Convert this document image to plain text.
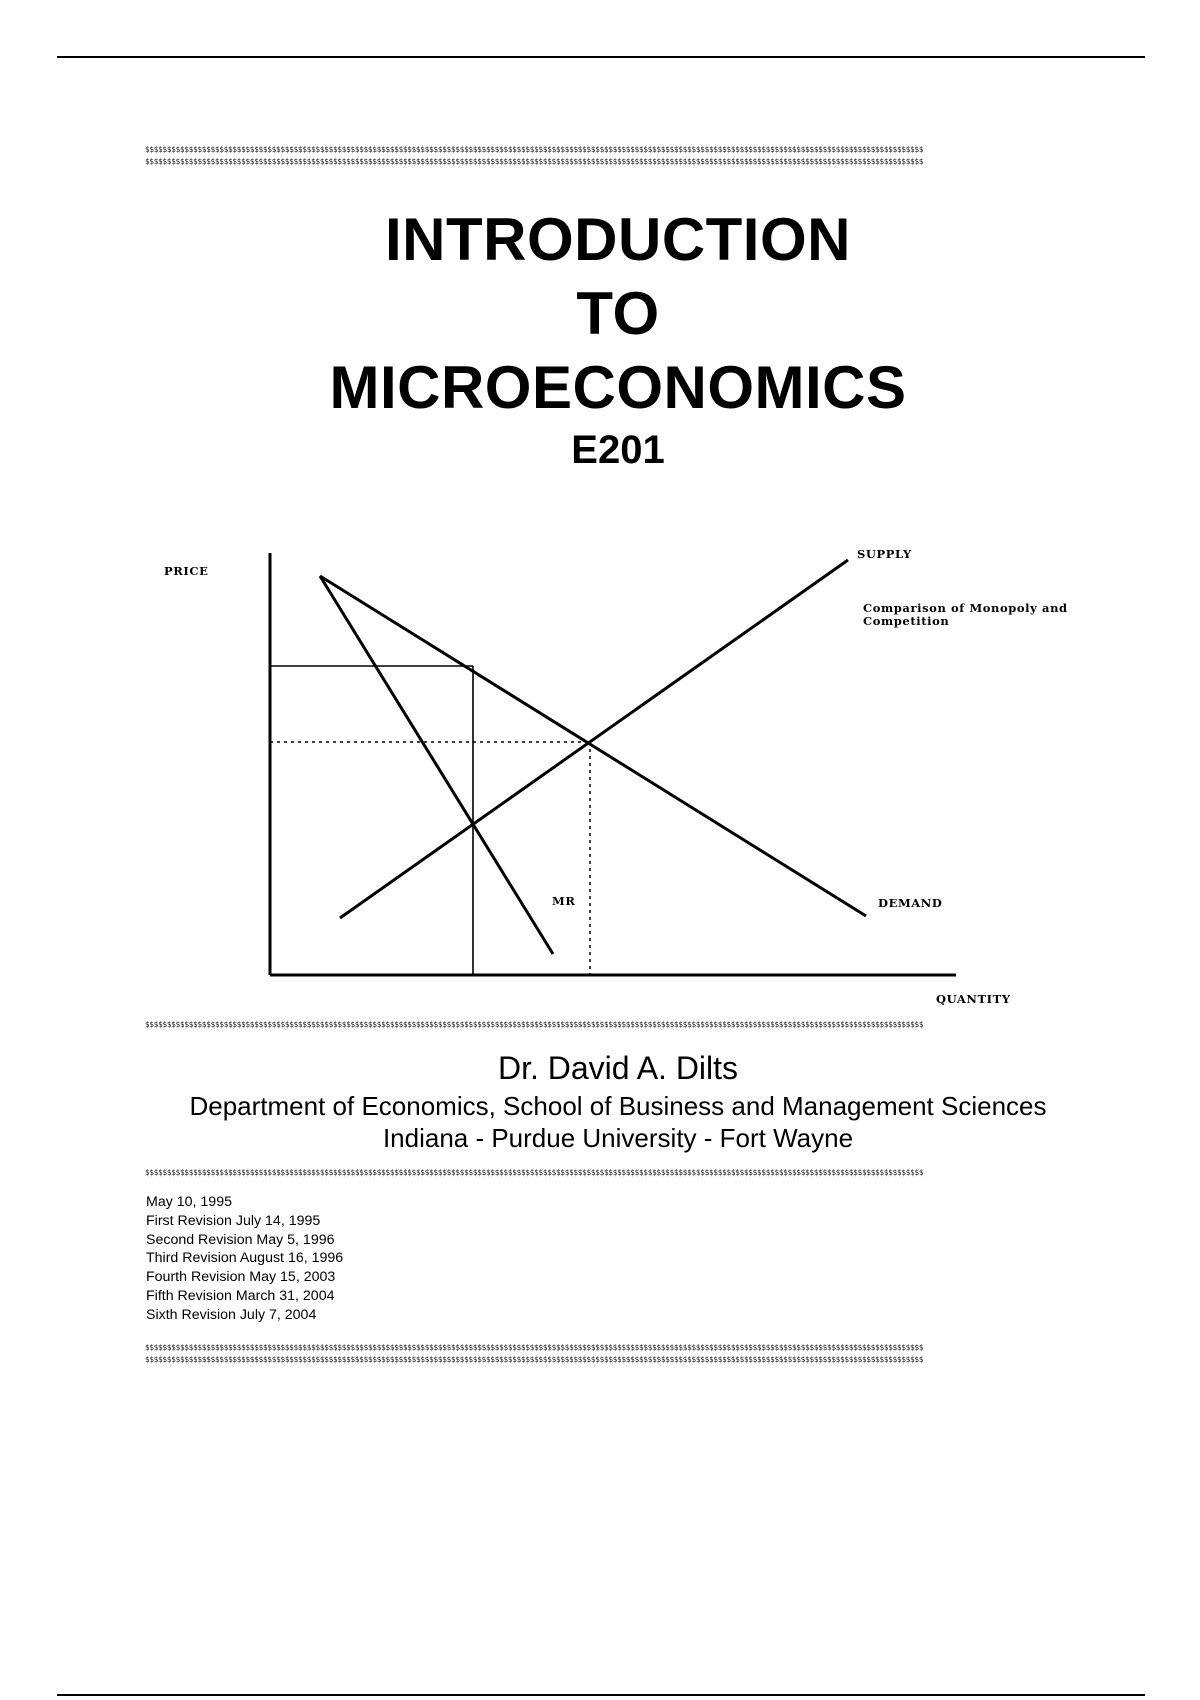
$$$$$$$$$$$$$$$$$$$$$$$$$$$$$$$$$$$$$$$$$$$$$$$$$$$$$$$$$$$$$$$$$$$$$$$$$$$$$$$$$$$$$$$$$$$$$$$$$$$$$$$$$$$$$$$$$$$$$$$$$$$$$$$$$$$$$$$$$$$$$$$$$$$$$$$$$$$$$$$$$$$$$$$$$$$$$$$$$$
$$$$$$$$$$$$$$$$$$$$$$$$$$$$$$$$$$$$$$$$$$$$$$$$$$$$$$$$$$$$$$$$$$$$$$$$$$$$$$$$$$$$$$$$$$$$$$$$$$$$$$$$$$$$$$$$$$$$$$$$$$$$$$$$$$$$$$$$$$$$$$$$$$$$$$$$$$$$$$$$$$$$$$$$$$$$$$$$$$
INTRODUCTION
TO
MICROECONOMICS
E201
PRICE
QUANTITY
SUPPLY
DEMAND
MR
Comparison of Monopoly and
Competition
$$$$$$$$$$$$$$$$$$$$$$$$$$$$$$$$$$$$$$$$$$$$$$$$$$$$$$$$$$$$$$$$$$$$$$$$$$$$$$$$$$$$$$$$$$$$$$$$$$$$$$$$$$$$$$$$$$$$$$$$$$$$$$$$$$$$$$$$$$$$$$$$$$$$$$$$$$$$$$$$$$$$$$$$$$$$$$$$$$
Dr. David A. Dilts
Department of Economics, School of Business and Management Sciences
Indiana - Purdue University - Fort Wayne
$$$$$$$$$$$$$$$$$$$$$$$$$$$$$$$$$$$$$$$$$$$$$$$$$$$$$$$$$$$$$$$$$$$$$$$$$$$$$$$$$$$$$$$$$$$$$$$$$$$$$$$$$$$$$$$$$$$$$$$$$$$$$$$$$$$$$$$$$$$$$$$$$$$$$$$$$$$$$$$$$$$$$$$$$$$$$$$$$$
May 10, 1995
First Revision July 14, 1995
Second Revision May 5, 1996
Third Revision August 16, 1996
Fourth Revision May 15, 2003
Fifth Revision March 31, 2004
Sixth Revision July 7, 2004
$$$$$$$$$$$$$$$$$$$$$$$$$$$$$$$$$$$$$$$$$$$$$$$$$$$$$$$$$$$$$$$$$$$$$$$$$$$$$$$$$$$$$$$$$$$$$$$$$$$$$$$$$$$$$$$$$$$$$$$$$$$$$$$$$$$$$$$$$$$$$$$$$$$$$$$$$$$$$$$$$$$$$$$$$$$$$$$$$$
$$$$$$$$$$$$$$$$$$$$$$$$$$$$$$$$$$$$$$$$$$$$$$$$$$$$$$$$$$$$$$$$$$$$$$$$$$$$$$$$$$$$$$$$$$$$$$$$$$$$$$$$$$$$$$$$$$$$$$$$$$$$$$$$$$$$$$$$$$$$$$$$$$$$$$$$$$$$$$$$$$$$$$$$$$$$$$$$$$
